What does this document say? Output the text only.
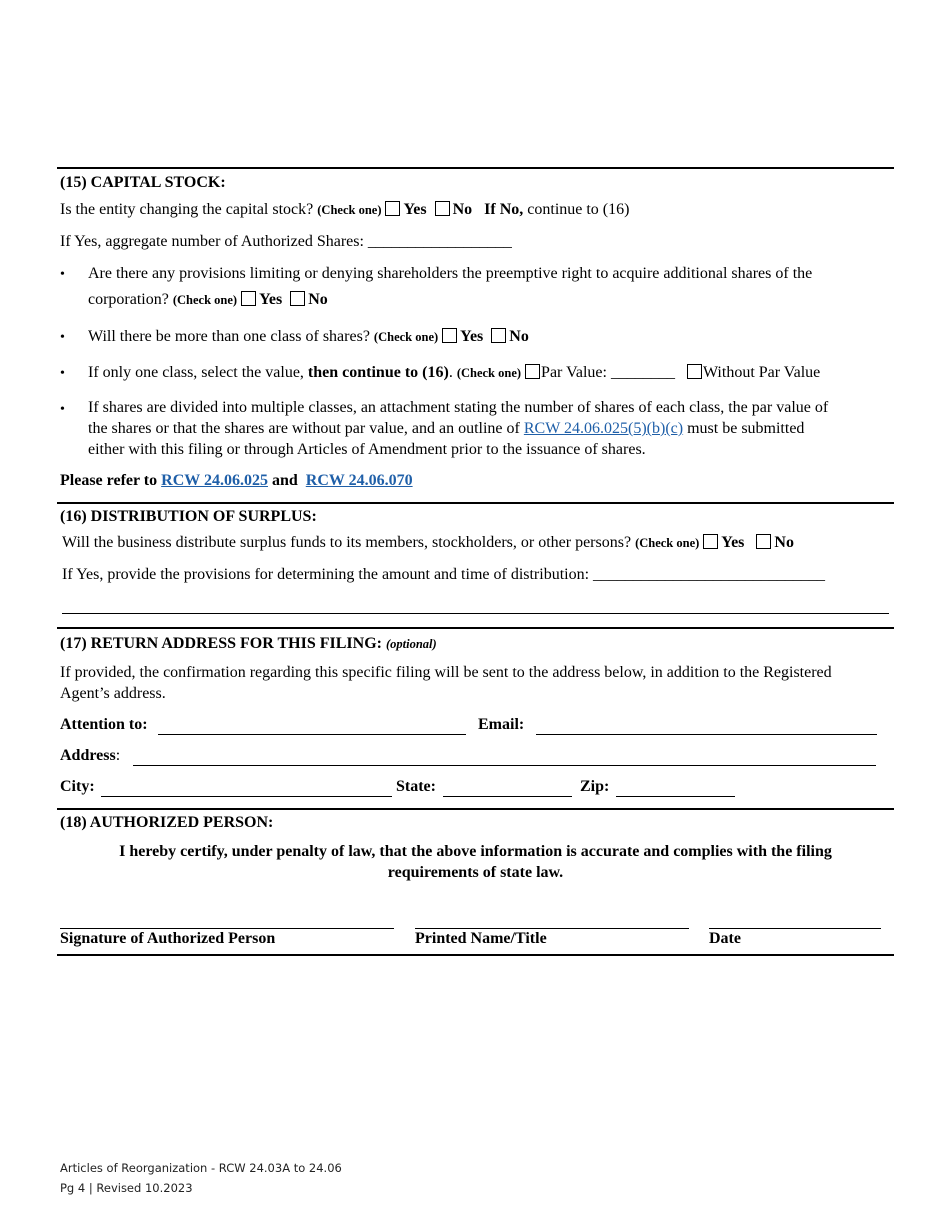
(15) CAPITAL STOCK:
Is the entity changing the capital stock? (Check one) Yes No If No, continue to (16)
If Yes, aggregate number of Authorized Shares: __________________
• Are there any provisions limiting or denying shareholders the preemptive right to acquire additional shares of the
corporation? (Check one) Yes No
• Will there be more than one class of shares? (Check one) Yes No
• If only one class, select the value, then continue to (16). (Check one) Par Value: ________ Without Par Value
• If shares are divided into multiple classes, an attachment stating the number of shares of each class, the par value of
the shares or that the shares are without par value, and an outline of RCW 24.06.025(5)(b)(c) must be submitted
either with this filing or through Articles of Amendment prior to the issuance of shares.
Please refer to RCW 24.06.025 and RCW 24.06.070
(16) DISTRIBUTION OF SURPLUS:
Will the business distribute surplus funds to its members, stockholders, or other persons? (Check one) Yes No
If Yes, provide the provisions for determining the amount and time of distribution: _____________________________
(17) RETURN ADDRESS FOR THIS FILING: (optional)
If provided, the confirmation regarding this specific filing will be sent to the address below, in addition to the Registered
Agent’s address.
Attention to:	Email:
Address:
City:	State:	Zip:
(18) AUTHORIZED PERSON:
I hereby certify, under penalty of law, that the above information is accurate and complies with the filing
requirements of state law.
Signature of Authorized Person	Printed Name/Title	Date
Articles of Reorganization - RCW 24.03A to 24.06
Pg 4 | Revised 10.2023
